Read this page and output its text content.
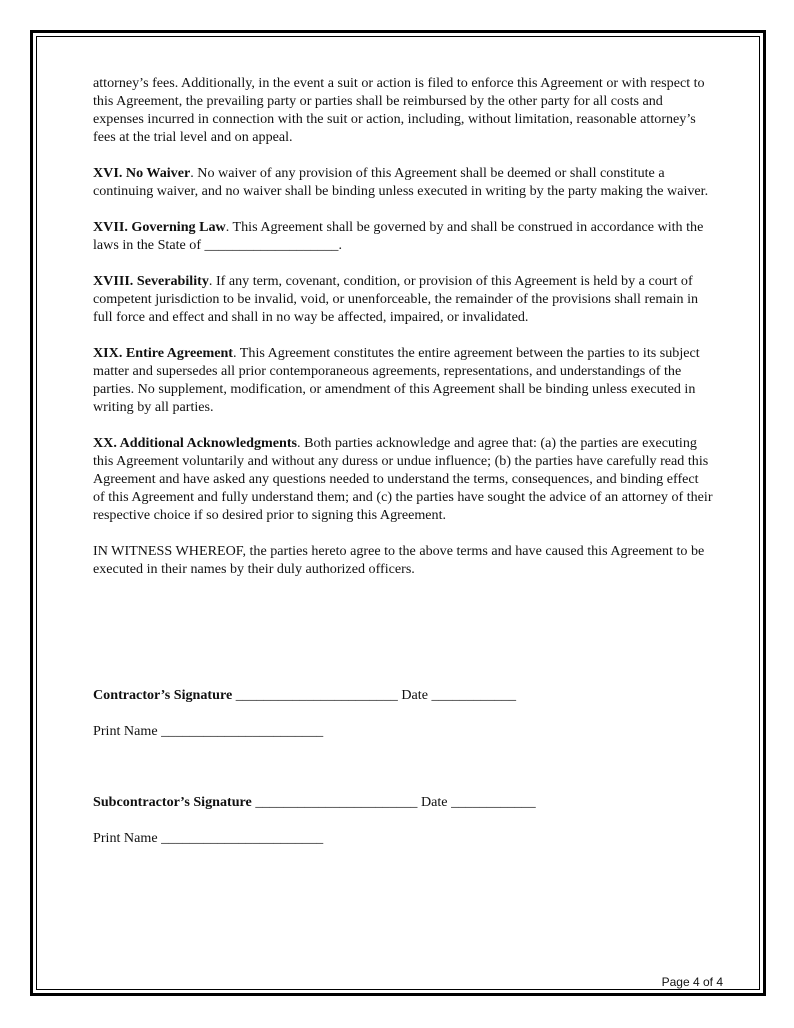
attorney’s fees. Additionally, in the event a suit or action is filed to enforce this Agreement or with respect to this Agreement, the prevailing party or parties shall be reimbursed by the other party for all costs and expenses incurred in connection with the suit or action, including, without limitation, reasonable attorney’s fees at the trial level and on appeal.

XVI. No Waiver. No waiver of any provision of this Agreement shall be deemed or shall constitute a continuing waiver, and no waiver shall be binding unless executed in writing by the party making the waiver.

XVII. Governing Law. This Agreement shall be governed by and shall be construed in accordance with the laws in the State of ___________________.

XVIII. Severability. If any term, covenant, condition, or provision of this Agreement is held by a court of competent jurisdiction to be invalid, void, or unenforceable, the remainder of the provisions shall remain in full force and effect and shall in no way be affected, impaired, or invalidated.

XIX. Entire Agreement. This Agreement constitutes the entire agreement between the parties to its subject matter and supersedes all prior contemporaneous agreements, representations, and understandings of the parties. No supplement, modification, or amendment of this Agreement shall be binding unless executed in writing by all parties.

XX. Additional Acknowledgments. Both parties acknowledge and agree that: (a) the parties are executing this Agreement voluntarily and without any duress or undue influence; (b) the parties have carefully read this Agreement and have asked any questions needed to understand the terms, consequences, and binding effect of this Agreement and fully understand them; and (c) the parties have sought the advice of an attorney of their respective choice if so desired prior to signing this Agreement.

IN WITNESS WHEREOF, the parties hereto agree to the above terms and have caused this Agreement to be executed in their names by their duly authorized officers.

Contractor’s Signature _______________________ Date ____________
Print Name _______________________
Subcontractor’s Signature _______________________ Date ____________
Print Name _______________________
Page 4 of 4
